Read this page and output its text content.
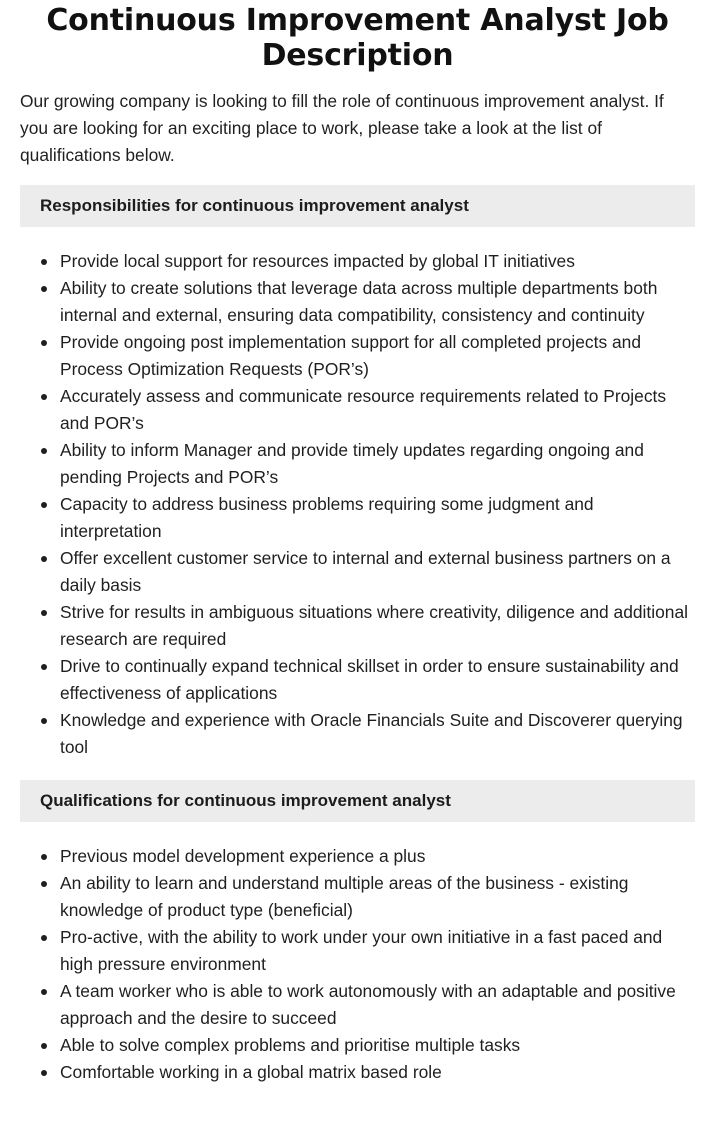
Continuous Improvement Analyst Job Description

Our growing company is looking to fill the role of continuous improvement analyst. If you are looking for an exciting place to work, please take a look at the list of qualifications below.

Responsibilities for continuous improvement analyst
Provide local support for resources impacted by global IT initiatives
Ability to create solutions that leverage data across multiple departments both internal and external, ensuring data compatibility, consistency and continuity
Provide ongoing post implementation support for all completed projects and Process Optimization Requests (POR’s)
Accurately assess and communicate resource requirements related to Projects and POR’s
Ability to inform Manager and provide timely updates regarding ongoing and pending Projects and POR’s
Capacity to address business problems requiring some judgment and interpretation
Offer excellent customer service to internal and external business partners on a daily basis
Strive for results in ambiguous situations where creativity, diligence and additional research are required
Drive to continually expand technical skillset in order to ensure sustainability and effectiveness of applications
Knowledge and experience with Oracle Financials Suite and Discoverer querying tool
Qualifications for continuous improvement analyst
Previous model development experience a plus
An ability to learn and understand multiple areas of the business - existing knowledge of product type (beneficial)
Pro-active, with the ability to work under your own initiative in a fast paced and high pressure environment
A team worker who is able to work autonomously with an adaptable and positive approach and the desire to succeed
Able to solve complex problems and prioritise multiple tasks
Comfortable working in a global matrix based role
